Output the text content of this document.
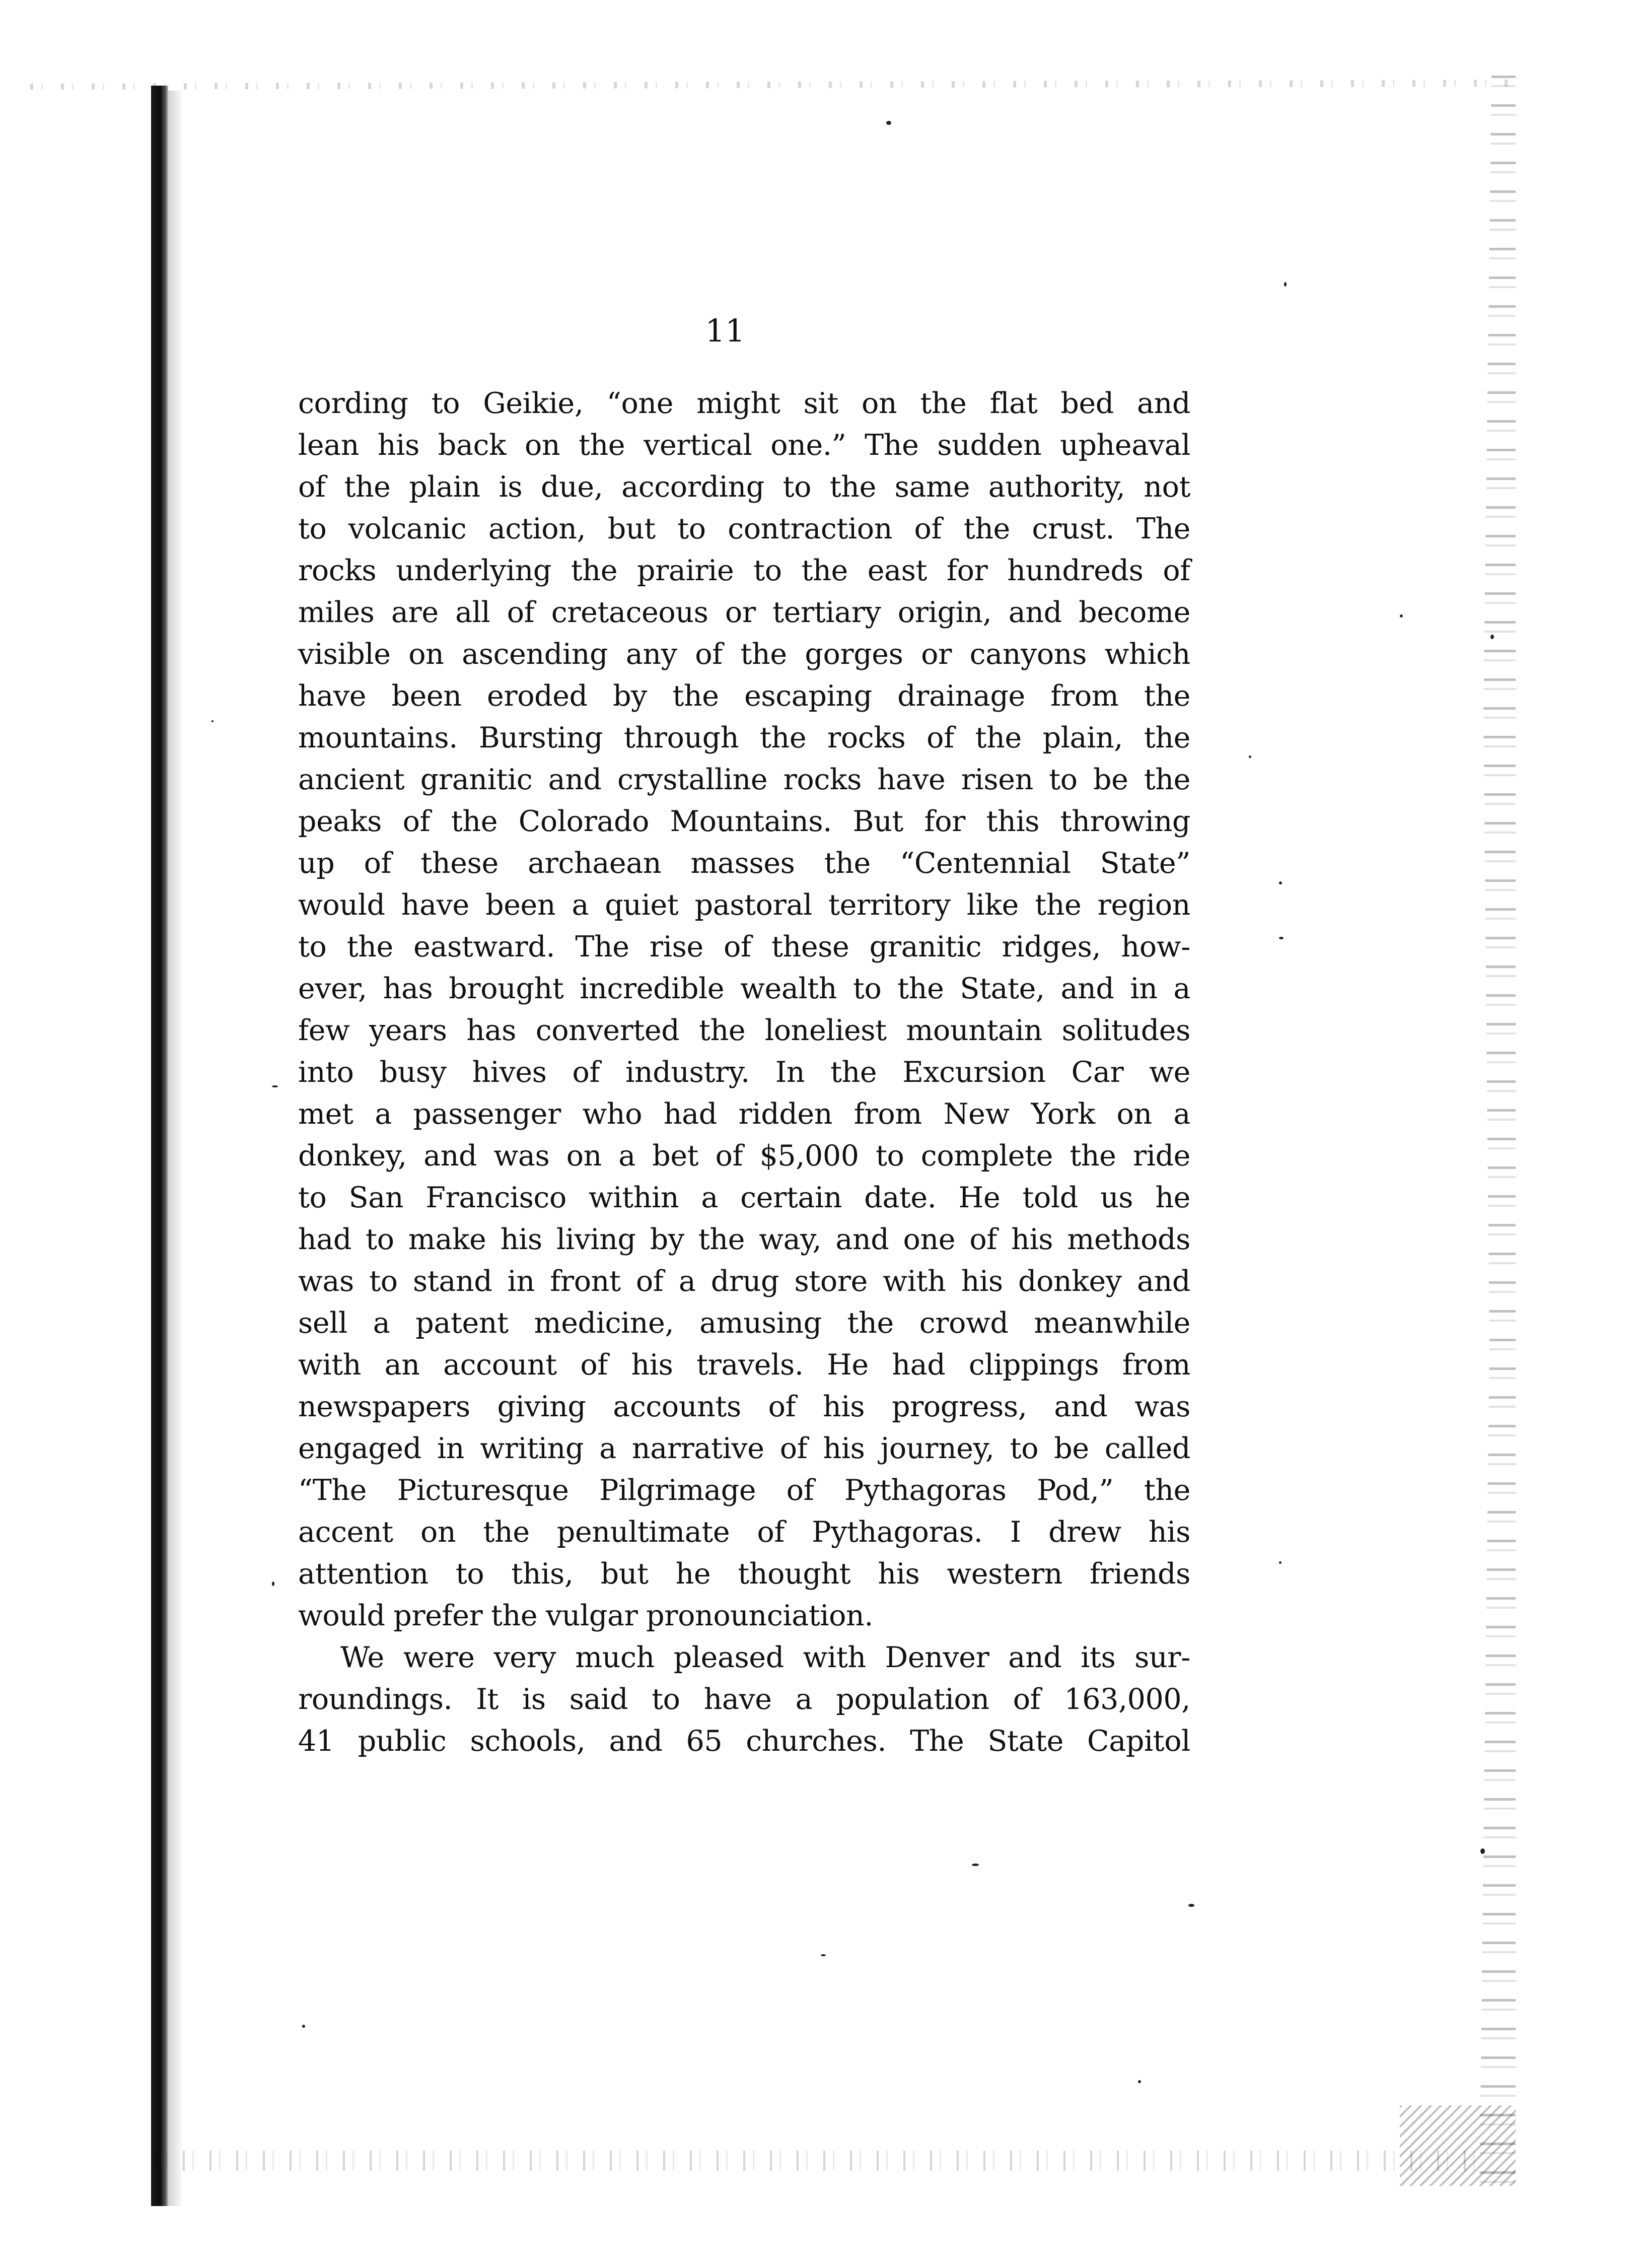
11
cording to Geikie, “one might sit on the flat bed and
lean his back on the vertical one.” The sudden upheaval
of the plain is due, according to the same authority, not
to volcanic action, but to contraction of the crust. The
rocks underlying the prairie to the east for hundreds of
miles are all of cretaceous or tertiary origin, and become
visible on ascending any of the gorges or canyons which
have been eroded by the escaping drainage from the
mountains. Bursting through the rocks of the plain, the
ancient granitic and crystalline rocks have risen to be the
peaks of the Colorado Mountains. But for this throwing
up of these archaean masses the “Centennial State”
would have been a quiet pastoral territory like the region
to the eastward. The rise of these granitic ridges, how-
ever, has brought incredible wealth to the State, and in a
few years has converted the loneliest mountain solitudes
into busy hives of industry. In the Excursion Car we
met a passenger who had ridden from New York on a
donkey, and was on a bet of $5,000 to complete the ride
to San Francisco within a certain date. He told us he
had to make his living by the way, and one of his methods
was to stand in front of a drug store with his donkey and
sell a patent medicine, amusing the crowd meanwhile
with an account of his travels. He had clippings from
newspapers giving accounts of his progress, and was
engaged in writing a narrative of his journey, to be called
“The Picturesque Pilgrimage of Pythagoras Pod,” the
accent on the penultimate of Pythagoras. I drew his
attention to this, but he thought his western friends
would prefer the vulgar pronounciation.
We were very much pleased with Denver and its sur-
roundings. It is said to have a population of 163,000,
41 public schools, and 65 churches. The State Capitol
